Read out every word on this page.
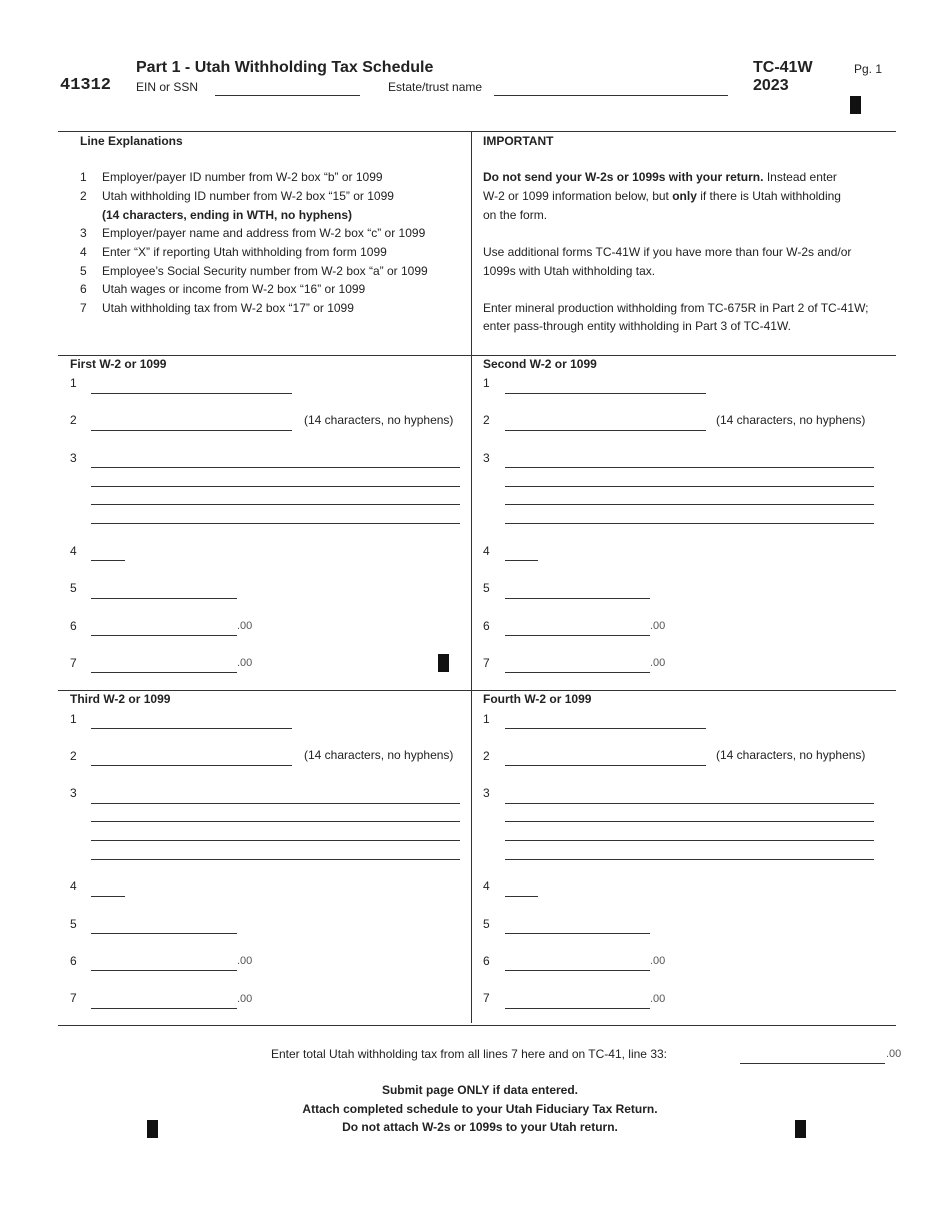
41312
Part 1 - Utah Withholding Tax Schedule
EIN or SSN	Estate/trust name
TC-41W
2023
Pg. 1
Line Explanations
1 Employer/payer ID number from W-2 box “b” or 1099
2 Utah withholding ID number from W-2 box “15” or 1099
(14 characters, ending in WTH, no hyphens)
3 Employer/payer name and address from W-2 box “c” or 1099
4 Enter “X” if reporting Utah withholding from form 1099
5 Employee’s Social Security number from W-2 box “a” or 1099
6 Utah wages or income from W-2 box “16” or 1099
7 Utah withholding tax from W-2 box “17” or 1099
IMPORTANT
Do not send your W-2s or 1099s with your return. Instead enter
W-2 or 1099 information below, but only if there is Utah withholding
on the form.
Use additional forms TC-41W if you have more than four W-2s and/or
1099s with Utah withholding tax.
Enter mineral production withholding from TC-675R in Part 2 of TC-41W;
enter pass-through entity withholding in Part 3 of TC-41W.
First W-2 or 1099
1
2	(14 characters, no hyphens)
3
4
5
6	.00
7	.00
Second W-2 or 1099
1
2	(14 characters, no hyphens)
3
4
5
6	.00
7	.00
Third W-2 or 1099
1
2	(14 characters, no hyphens)
3
4
5
6	.00
7	.00
Fourth W-2 or 1099
1
2	(14 characters, no hyphens)
3
4
5
6	.00
7	.00
Enter total Utah withholding tax from all lines 7 here and on TC-41, line 33:	.00
Submit page ONLY if data entered.
Attach completed schedule to your Utah Fiduciary Tax Return.
Do not attach W-2s or 1099s to your Utah return.
